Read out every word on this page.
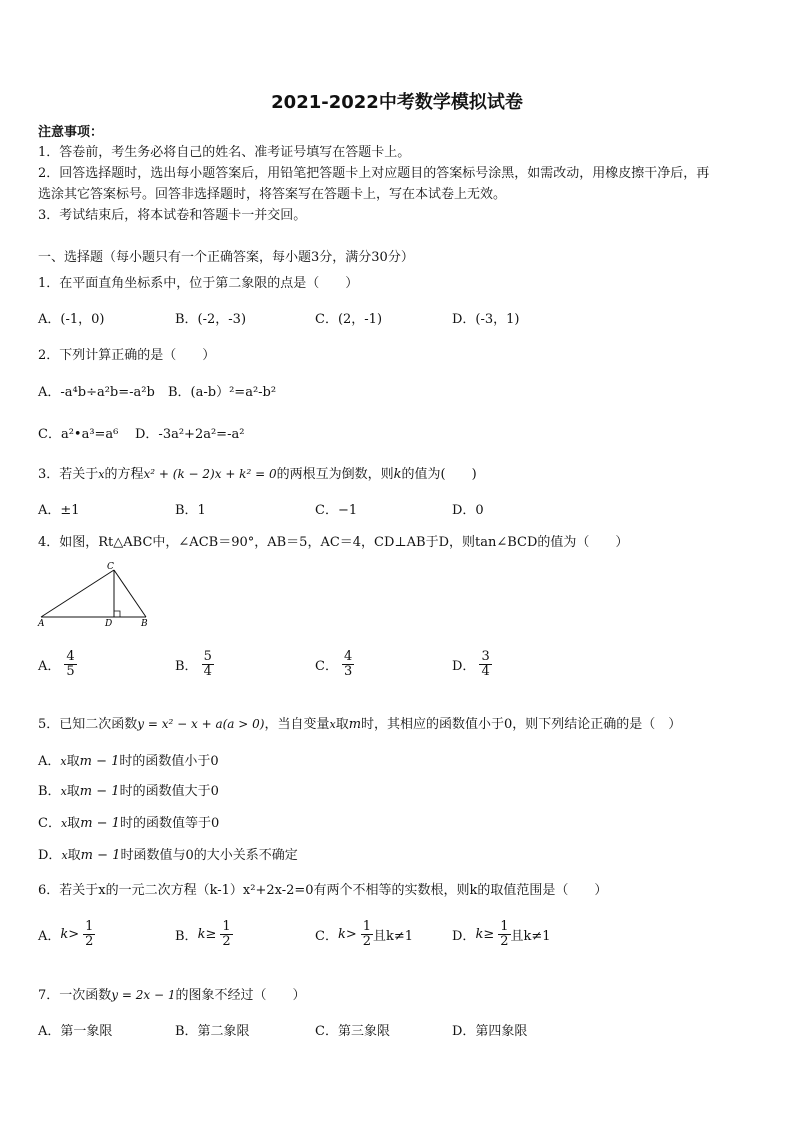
2021-2022中考数学模拟试卷
注意事项：
1．答卷前，考生务必将自己的姓名、准考证号填写在答题卡上。
2．回答选择题时，选出每小题答案后，用铅笔把答题卡上对应题目的答案标号涂黑，如需改动，用橡皮擦干净后，再
选涂其它答案标号。回答非选择题时，将答案写在答题卡上，写在本试卷上无效。
3．考试结束后，将本试卷和答题卡一并交回。
一、选择题（每小题只有一个正确答案，每小题3分，满分30分）
1．在平面直角坐标系中，位于第二象限的点是（　　）
A．(-1，0)	B．(-2，-3)	C．(2，-1)	D．(-3，1)
2．下列计算正确的是（　　）
A．-a⁴b÷a²b=-a²b B．(a-b）²=a²-b²
C．a²•a³=a⁶ D．-3a²+2a²=-a²
3．若关于x的方程x² + (k − 2)x + k² = 0的两根互为倒数，则k的值为(　　)
A．±1	B．1	C．−1	D．0
4．如图，Rt△ABC中，∠ACB＝90°，AB＝5，AC＝4，CD⊥AB于D，则tan∠BCD的值为（　　）
A	D	B
C
A． $\frac{4}{5}$	B． $\frac{5}{4}$	C． $\frac{4}{3}$	D． $\frac{3}{4}$
5．已知二次函数y = x² − x + a(a > 0)，当自变量x取m时，其相应的函数值小于0，则下列结论正确的是（　）
A．x取m − 1时的函数值小于0
B．x取m − 1时的函数值大于0
C．x取m − 1时的函数值等于0
D．x取m − 1时函数值与0的大小关系不确定
6．若关于x的一元二次方程（k-1）x²+2x-2=0有两个不相等的实数根，则k的取值范围是（　　）
A．$k> \frac{1}{2}$	B．$k\ge \frac{1}{2}$	C．$k> \frac{1}{2}$ 且k≠1	D．$k\ge \frac{1}{2}$ 且k≠1
7．一次函数y = 2x − 1的图象不经过（　　）
A．第一象限	B．第二象限	C．第三象限	D．第四象限
